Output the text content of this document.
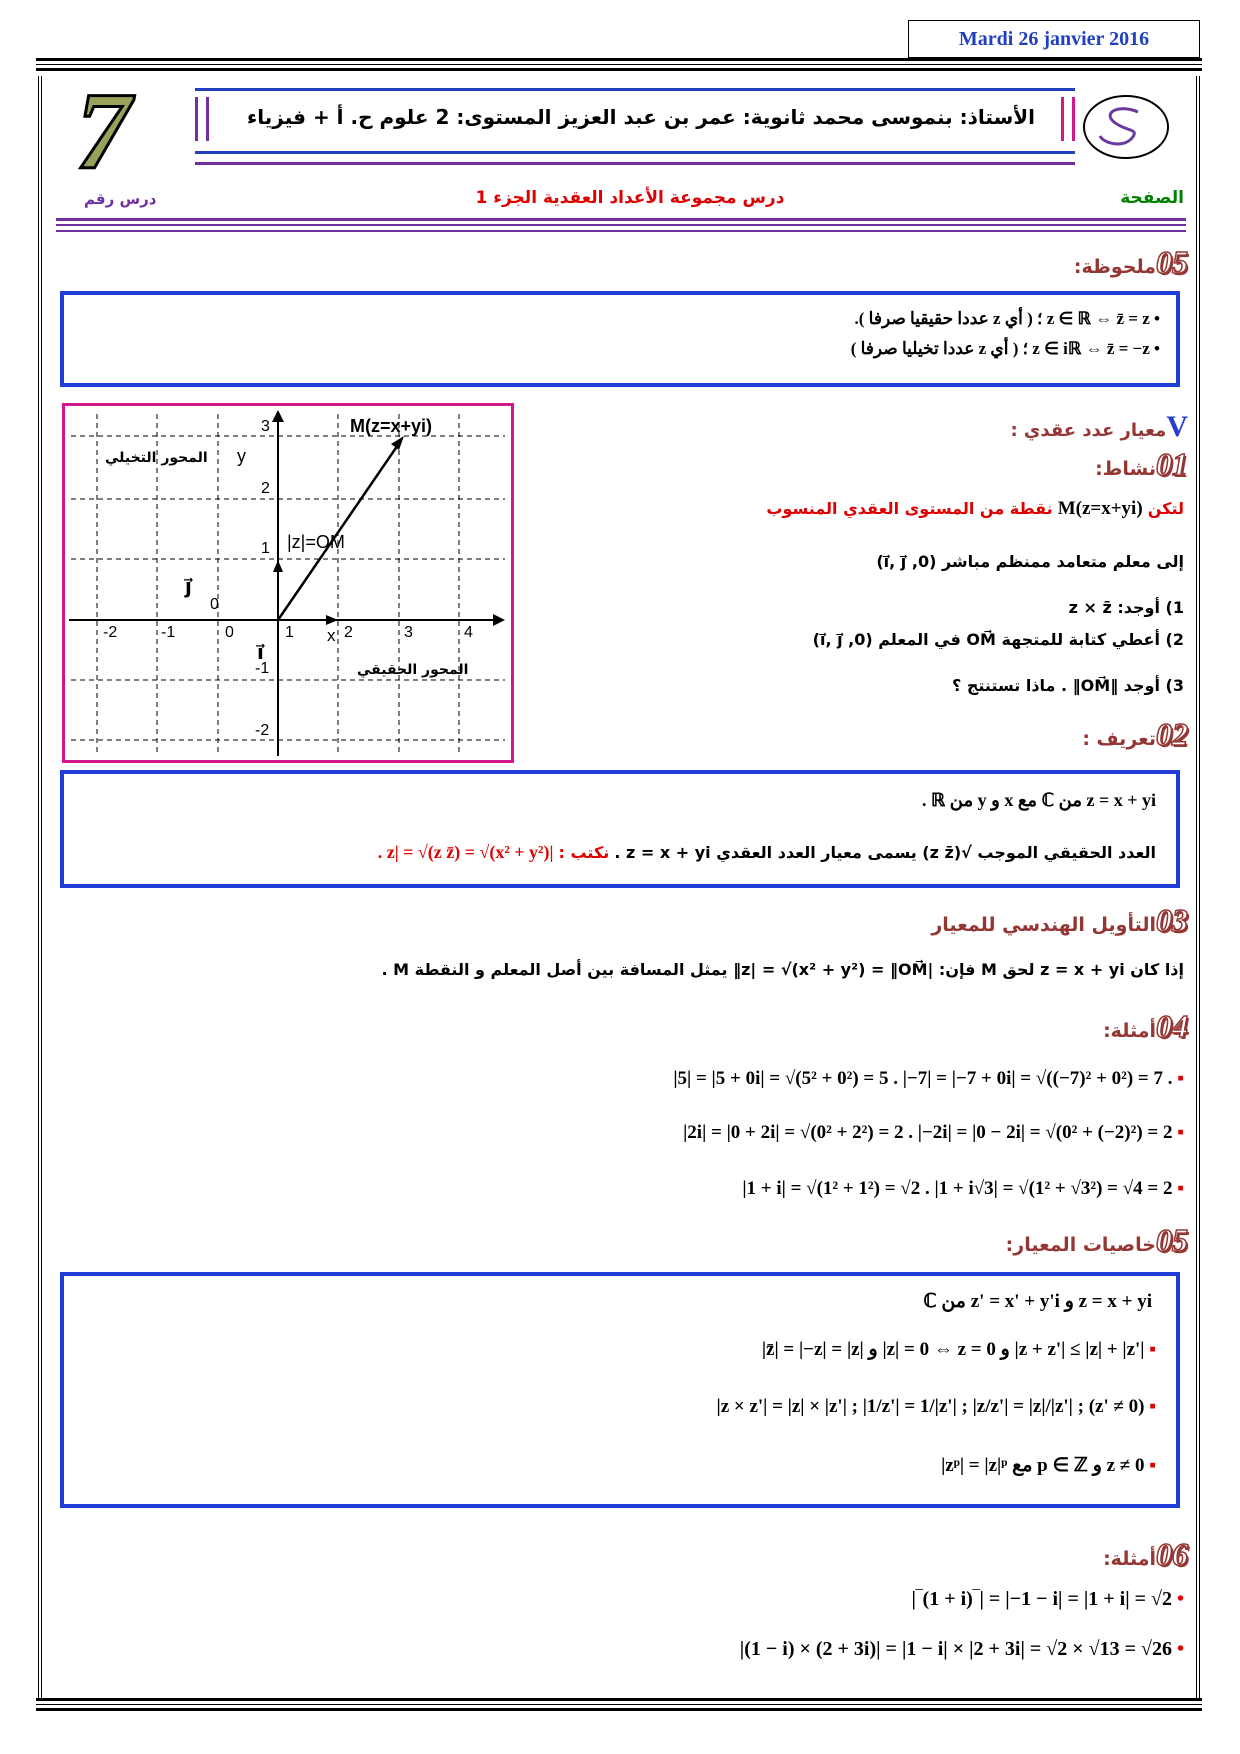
Mardi 26 janvier 2016
7	الأستاذ: بنموسى محمد ثانوية: عمر بن عبد العزيز المستوى: 2 علوم ح. أ + فيزياء
الصفحة
درس مجموعة الأعداد العقدية الجزء 1
درس رقم
05ملحوظة:
• z ∈ ℝ ⇔ z̄ = z ؛ ( أي z عددا حقيقيا صرفا ).
• z ∈ iℝ ⇔ z̄ = −z ؛ ( أي z عددا تخيليا صرفا )
M(z=x+yi)
|z|=OM
المحور التخيلي
المحور الحقيقي
y
x
j⃗
i⃗
0
-2	-1	1	2	3	4
0
3
2
1
-1
-2
Vمعيار عدد عقدي :
01نشاط:
لتكن M(z=x+yi) نقطة من المستوى العقدي المنسوب
إلى معلم متعامد ممنظم مباشر (0, i⃗, j⃗)
1) أوجد: z × z̄
2) أعطي كتابة للمتجهة OM⃗ في المعلم (0, i⃗, j⃗)
3) أوجد ‖OM⃗‖ . ماذا تستنتج ؟
02تعريف :
z = x + yi من ℂ مع x و y من ℝ .
العدد الحقيقي الموجب √(z z̄) يسمى معيار العدد العقدي z = x + yi . نكتب : |z| = √(z z̄) = √(x² + y²) .
03التأويل الهندسي للمعيار
إذا كان z = x + yi لحق M فإن: |z| = √(x² + y²) = ‖OM⃗‖ يمثل المسافة بين أصل المعلم و النقطة M .
04أمثلة:
|5| = |5 + 0i| = √(5² + 0²) = 5 . |−7| = |−7 + 0i| = √((−7)² + 0²) = 7 . ▪
|2i| = |0 + 2i| = √(0² + 2²) = 2 . |−2i| = |0 − 2i| = √(0² + (−2)²) = 2 ▪
|1 + i| = √(1² + 1²) = √2 . |1 + i√3| = √(1² + √3²) = √4 = 2 ▪
05خاصيات المعيار:
z = x + yi و z' = x' + y'i من ℂ
|z̄| = |−z| = |z| و |z| = 0 ⇔ z = 0 و |z + z'| ≤ |z| + |z'| ▪
|z × z'| = |z| × |z'| ; |1/z'| = 1/|z'| ; |z/z'| = |z|/|z'| ; (z' ≠ 0) ▪
|zᵖ| = |z|ᵖ مع p ∈ ℤ و z ≠ 0 ▪
06أمثلة:
|‾(1 + i)‾| = |−1 − i| = |1 + i| = √2 •
|(1 − i) × (2 + 3i)| = |1 − i| × |2 + 3i| = √2 × √13 = √26 •
